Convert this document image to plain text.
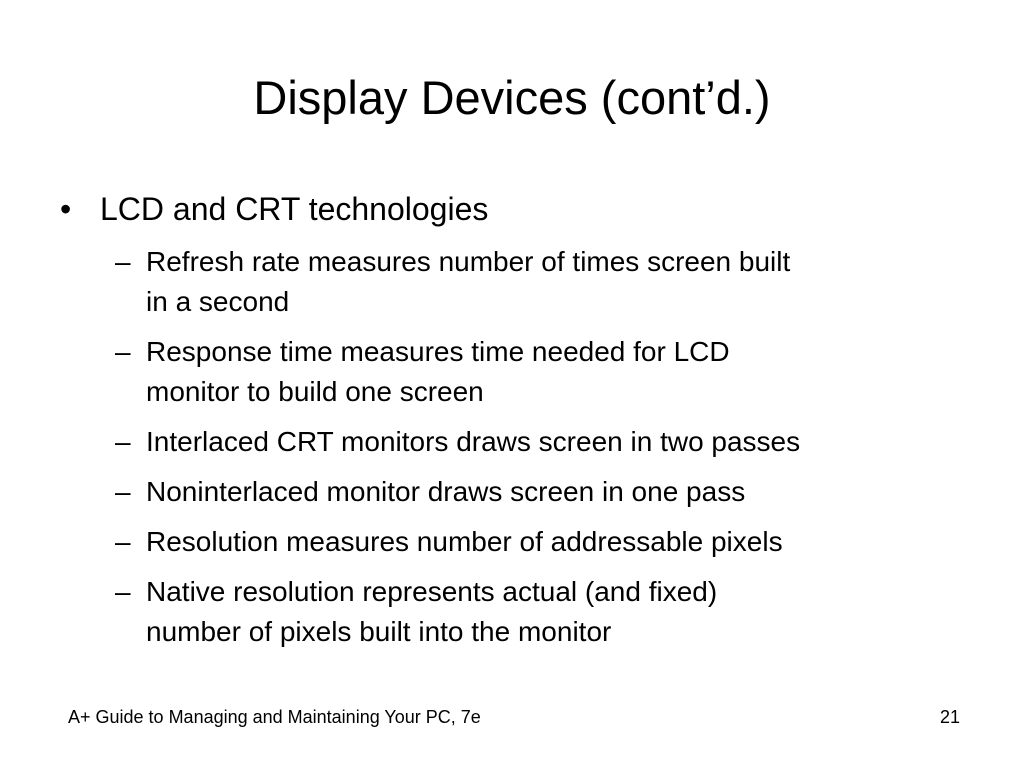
Display Devices (cont’d.)
• LCD and CRT technologies
– Refresh rate measures number of times screen built
in a second
– Response time measures time needed for LCD
monitor to build one screen
– Interlaced CRT monitors draws screen in two passes
– Noninterlaced monitor draws screen in one pass
– Resolution measures number of addressable pixels
– Native resolution represents actual (and fixed)
number of pixels built into the monitor
A+ Guide to Managing and Maintaining Your PC, 7e	21
